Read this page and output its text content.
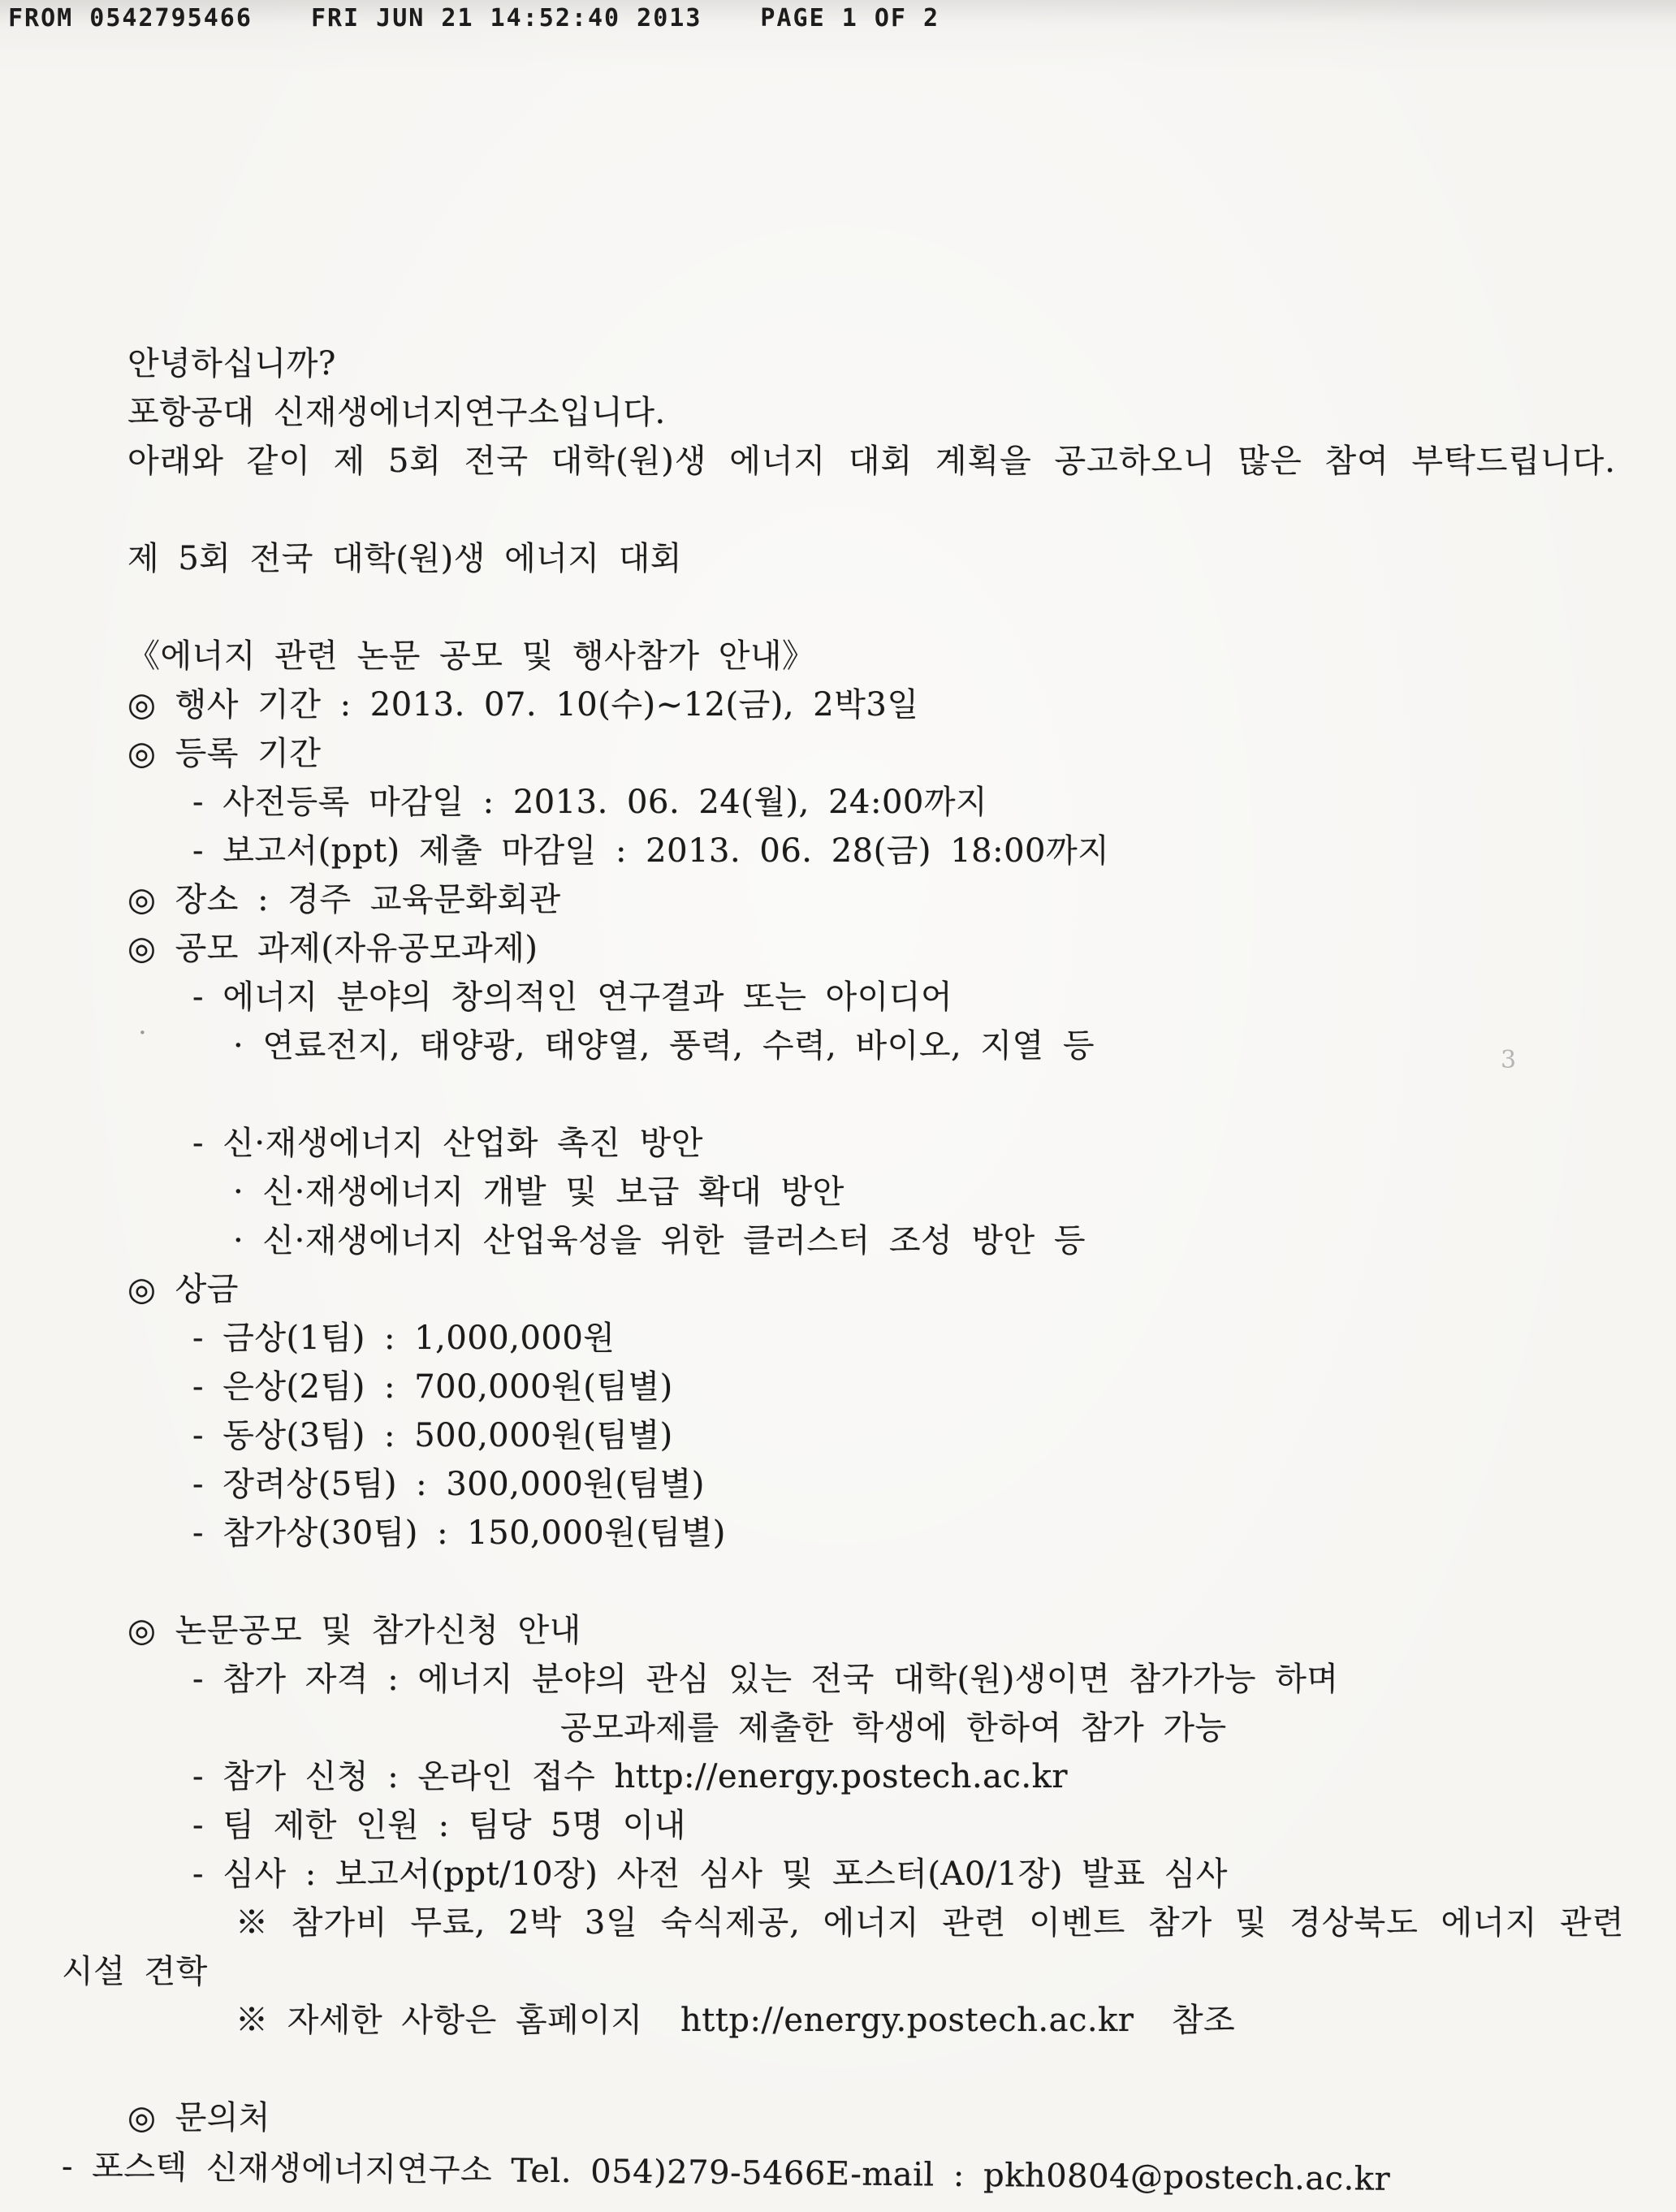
FROM 0542795466 FRI JUN 21 14:52:40 2013 PAGE 1 OF 2
안녕하십니까?
포항공대 신재생에너지연구소입니다.
아래와 같이 제 5회 전국 대학(원)생 에너지 대회 계획을 공고하오니 많은 참여 부탁드립니다.
제 5회 전국 대학(원)생 에너지 대회
《에너지 관련 논문 공모 및 행사참가 안내》
◎ 행사 기간 : 2013. 07. 10(수)~12(금), 2박3일
◎ 등록 기간
- 사전등록 마감일 : 2013. 06. 24(월), 24:00까지
- 보고서(ppt) 제출 마감일 : 2013. 06. 28(금) 18:00까지
◎ 장소 : 경주 교육문화회관
◎ 공모 과제(자유공모과제)
- 에너지 분야의 창의적인 연구결과 또는 아이디어
· 연료전지, 태양광, 태양열, 풍력, 수력, 바이오, 지열 등
- 신·재생에너지 산업화 촉진 방안
· 신·재생에너지 개발 및 보급 확대 방안
· 신·재생에너지 산업육성을 위한 클러스터 조성 방안 등
◎ 상금
- 금상(1팀) : 1,000,000원
- 은상(2팀) : 700,000원(팀별)
- 동상(3팀) : 500,000원(팀별)
- 장려상(5팀) : 300,000원(팀별)
- 참가상(30팀) : 150,000원(팀별)
◎ 논문공모 및 참가신청 안내
- 참가 자격 : 에너지 분야의 관심 있는 전국 대학(원)생이면 참가가능 하며
공모과제를 제출한 학생에 한하여 참가 가능
- 참가 신청 : 온라인 접수 http://energy.postech.ac.kr
- 팀 제한 인원 : 팀당 5명 이내
- 심사 : 보고서(ppt/10장) 사전 심사 및 포스터(A0/1장) 발표 심사
※ 참가비 무료, 2박 3일 숙식제공, 에너지 관련 이벤트 참가 및 경상북도 에너지 관련
시설 견학
※ 자세한 사항은 홈페이지  http://energy.postech.ac.kr  참조
◎ 문의처
- 포스텍 신재생에너지연구소 Tel. 054)279-5466E-mail : pkh0804@postech.ac.kr
·
3
